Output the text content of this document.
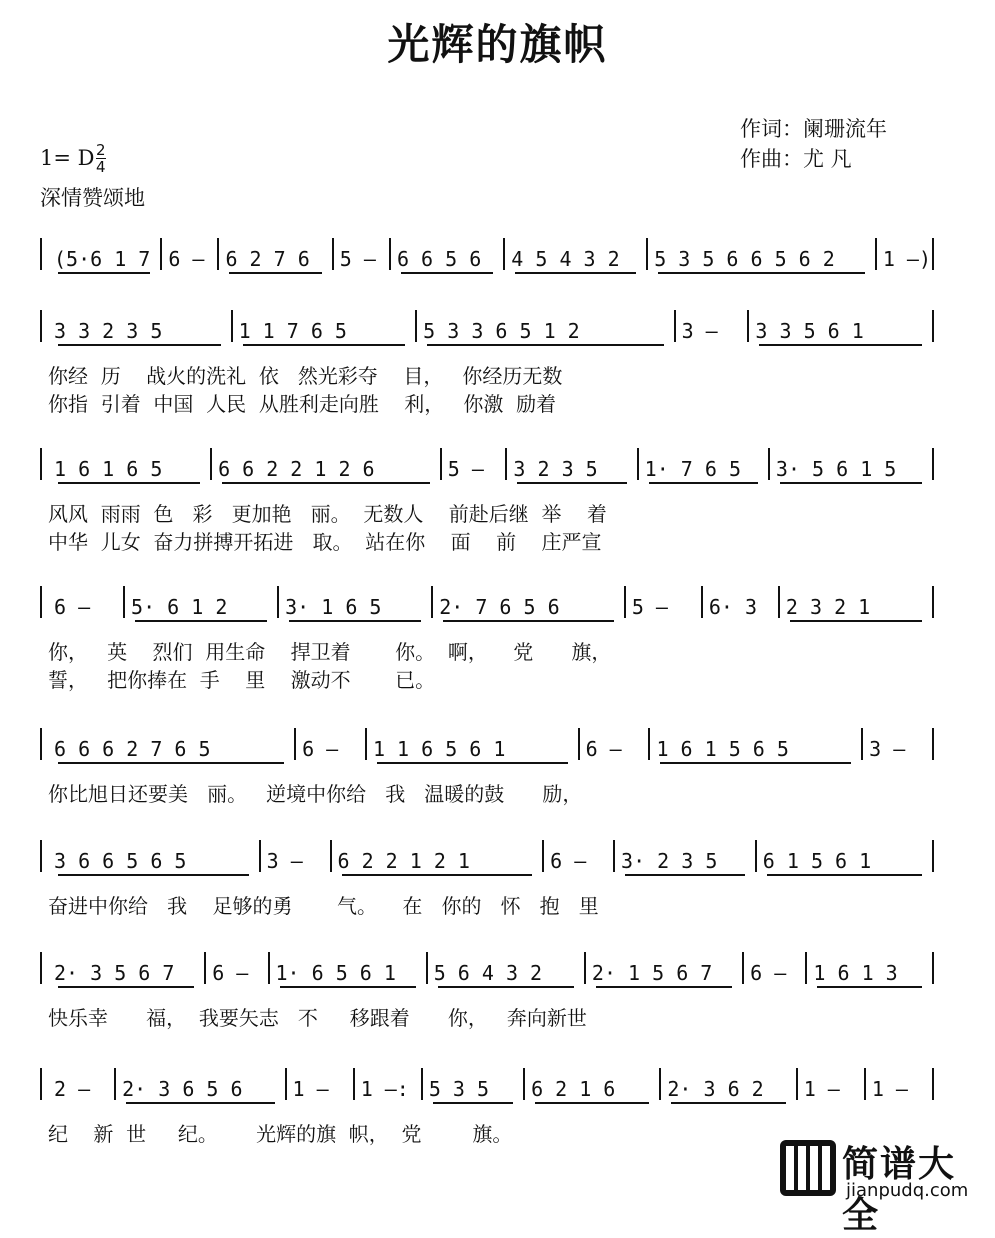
光辉的旗帜
1= D $\frac{2}{4}$
深情赞颂地
作词：阑珊流年
作曲：尤 凡
(5·6 1 7 6 –	6 2 7 6	5 –	6 6 5 6	4 5 4 3 2	5 3 5 6 6 5 6 2	1 –)
3 3 2 3 5	1 1 7 6 5	5 3 3 6 5 1 2	3 –	3 3 5 6 1
你经  历    战火的洗礼  依   然光彩夺    目，   你经历无数
你指  引着  中国  人民  从胜利走向胜    利，   你激  励着
1 6 1 6 5	6 6 2 2 1 2 6	5 –	3 2 3 5	1· 7 6 5	3· 5 6 1 5
风风  雨雨  色   彩   更加艳   丽。  无数人    前赴后继  举    着
中华  儿女  奋力拼搏开拓进   取。  站在你    面    前    庄严宣
6 –	5· 6 1 2	3· 1 6 5	2· 7 6 5 6	5 –	6· 3	2 3 2 1
你，   英    烈们  用生命    捍卫着       你。  啊，    党      旗，
誓，   把你捧在  手    里    激动不       已。
6 6 6 2 7 6 5	6 –	1 1 6 5 6 1	6 –	1 6 1 5 6 5	3 –
你比旭日还要美   丽。   逆境中你给   我   温暖的鼓      励，
3 6 6 5 6 5	3 –	6 2 2 1 2 1	6 –	3· 2 3 5	6 1 5 6 1
奋进中你给   我    足够的勇       气。    在   你的   怀   抱   里
2· 3 5 6 7	6 –	1· 6 5 6 1	5 6 4 3 2	2· 1 5 6 7	6 –	1 6 1 3
快乐幸      福，  我要矢志   不     移跟着      你，   奔向新世
2 –	2· 3 6 5 6	1 –	1 –: 5 3 5	6 2 1 6	2· 3 6 2	1 –	1 –
纪    新  世     纪。      光辉的旗  帜，  党        旗。
简谱大全
jianpudq.com
